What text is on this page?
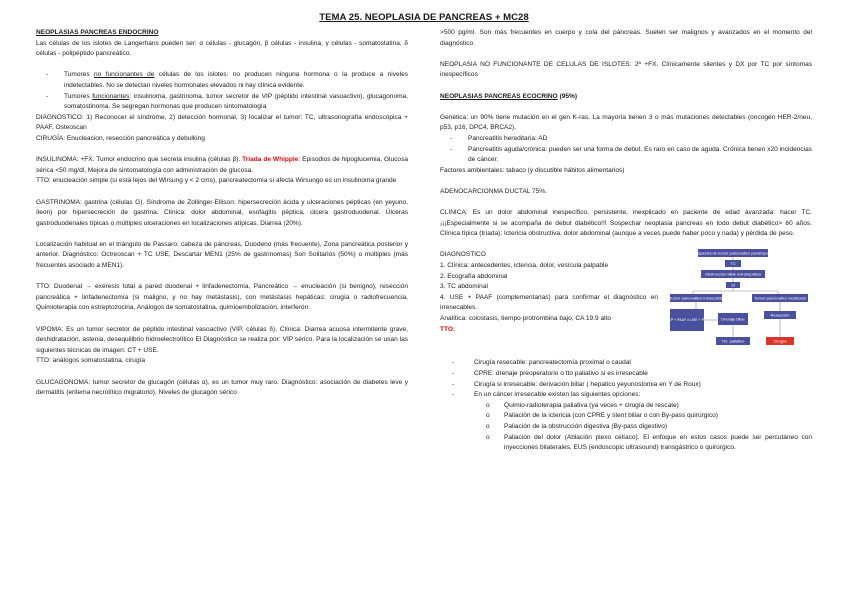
TEMA 25. NEOPLASIA DE PANCREAS + MC28

NEOPLASIAS PANCREAS ENDOCRINO

Las células de los islotes de Langerhans pueden ser: α células - glucagón, β células - insulina, γ células - somatostatina, δ células - polipéptido pancreático.

- Tumores no funcionantes de células de los islotes: no producen ninguna hormona o la produce a niveles indetectables. No se detectan niveles hormonales elevados ni hay clínica evidente.
- Tumores funcionantes: insulinoma, gastrinoma, tumor secretor de VIP (péptido intestinal vasoactivo), glucagonoma, somatostinoma. Se segregan hormonas que producen sintomatología

DIAGNOSTICO: 1) Reconocer el síndrome, 2) detección hormonal, 3) localizar el tumor: TC, ultrasonografía endoscópica + PAAF, Osteoscan

CIRUGÍA: Enucleacion, resección pancreática y debulking

INSULINOMA: +FX. Tumor endocrino que secreta insulina (células β). Tríada de Whipple: Episodios de hipoglucemia, Glucosa sérica <50 mg/dl, Mejora de sintomatología con administración de glucosa.

TTO: enucleación simple (si está lejos del Wirsung y < 2 cms), pancreatectomía si afecta Wirsungo es un insulinoma grande

GASTRINOMA: gastrina (células G). Síndrome de Zollinger-Ellison: hipersecreción ácida y ulceraciones pépticas (en yeyuno, íleon) por hipersecreción de gastrina. Clínica: dolor abdominal, esofagitis péptica, úlcera gastroduodenal. Úlceras gastroduodenales típicas o múltiples ulceraciones en localizaciones atípicas. Diarrea (20%).

Localización habitual en el triángulo de Passaro: cabeza de páncreas, Duodeno (más frecuente), Zona pancreática posterior y anterior. Diagnóstico: Octreoscan + TC USE, Descartar MEN1 (25% de gastrinomas) Son Solitarios (50%) o múltiples (más frecuentes asociado a MEN1).

TTO: Duodenal → exéresis total a pared duodenal + linfadenectomía, Pancreático → enucleación (si benigno), resección pancreática + linfadenectomía (si maligno, y no hay metástasis), con metástasis hepáticas: cirugía o radiofrecuencia, Quimioterapia con estreptozocina, Análogos de somatostatina, quimioembolización, interferón.

VIPOMA: Es un tumor secretor de péptido intestinal vasoactivo (VIP, células δ). Clínica: Diarrea acuosa intermitente grave, deshidratación, astenia, desequilibrio hidroelectrolítico El Diagnóstico se realiza por: VIP sérico. Para la localización se usan las siguientes técnicas de imagen: CT + USE.

TTO: análogos somatostatina, cirugía

GLUCAGONOMA: tumor secretor de glucagón (células α), es un tumor muy raro. Diagnóstico: asociación de diabetes leve y dermatitis (eritema necrolítico migratorio). Niveles de glucagón sérico

>500 pg/ml. Son más frecuentes en cuerpo y cola del páncreas. Suelen ser malignos y avanzados en el momento del diagnóstico.

NEOPLASIA NO FUNCIONANTE DE CELULAS DE ISLOTES: 2ª +FX. Clínicamente silentes y DX por TC por síntomas inespecíficos

NEOPLASIAS PANCREAS ECOCRINO (95%)

Genética: un 90% tiene mutación en el gen K-ras. La mayoría tienen 3 o más mutaciones detectables (oncogén HER-2/neu, p53, p16, DPC4, BRCA2).

- Pancreatitis hereditaria: AD
- Pancreatitis aguda/crónica: pueden ser una forma de debut. Es raro en caso de aguda. Crónica tienen x20 incidencias de cáncer.

Factores ambientales: tabaco (y discutible hábitos alimentarios)

ADENOCARCIONMA DUCTAL 75%.

CLINICA: Es un dolor abdominal inespecífico, persistente, inexplicado en paciente de edad avanzada: hacer TC. ¡¡¡Especialmente si se acompaña de debut diabético!!! Sospechar neoplasia pancreas en todo debut diabético> 60 años. Clínica típica (tríada): Ictericia obstructiva, dolor abdominal (aunque a veces puede haber poco y nada) y pérdida de peso.

DIAGNOSTICO

1. Clínica: antecedentes, ictericia, dolor, vesícula palpable

2. Ecografía abdominal

3. TC abdominal

4. USE + PAAF (complementarias) para confirmar el diagnóstico en irresecables.

Analítica: colostasis, tiempo protrombina bajo, CA 19.9 alto

TTO:

Sospecha de tumor pancreático periampular
TC
Obstrucción biliar extrahepática
SÍ
Tumor pancreático irresecable	Tumor pancreático localizado
ERCP + PAAF o USE + PAAF	Drenaje biliar
Resección
Tto. paliativo	Cirugía
- Cirugía resecable: pancreatectomía proximal o caudal
- CPRE: drenaje preoperatorio o tto paliativo si es irresecable
- Cirugía si irresecable: derivación biliar ( hepatico yeyunostomia en Y de Roux)
- En un cáncer irresecable existen las siguientes opciones:
o Quimio-radioterapia paliativa (ya veces + cirugía de rescate)
o Paliación de la ictericia (con CPRE y stent biliar o con By-pass quirúrgico)
o Paliación de la obstrucción digestiva (By-pass digestivo)
o Paliación del dolor (Ablación plexo celíaco). El enfoque en estos casos puede ser percutáneo con inyecciones bilaterales, EUS (endoscopic ultrasound) transgástrico o quirúrgico.
